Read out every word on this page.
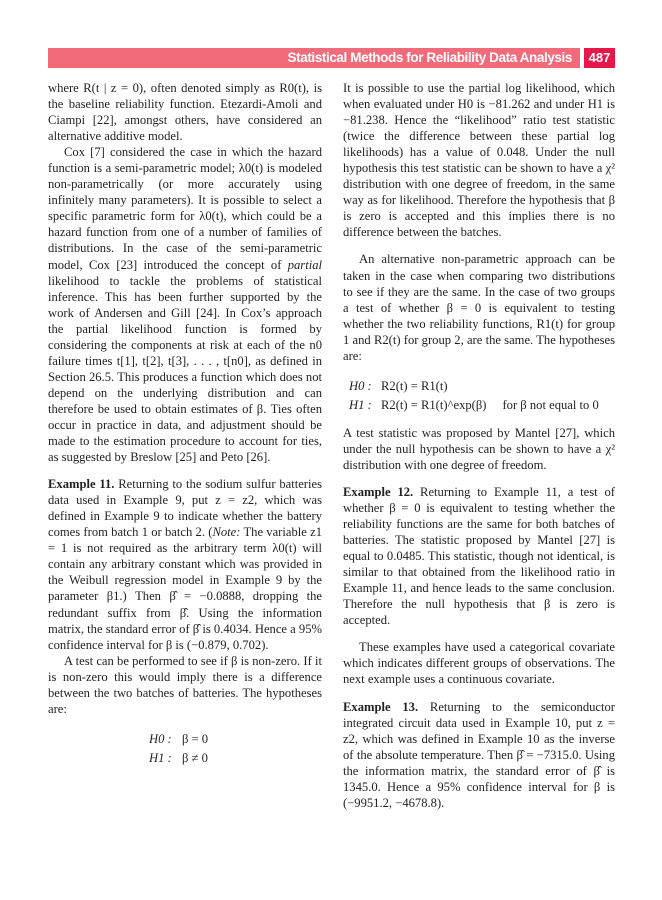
Statistical Methods for Reliability Data Analysis	487

where R(t | z = 0), often denoted simply as R0(t), is the baseline reliability function. Etezardi-Amoli and Ciampi [22], amongst others, have considered an alternative additive model.

Cox [7] considered the case in which the hazard function is a semi-parametric model; λ0(t) is modeled non-parametrically (or more accurately using infinitely many parameters). It is possible to select a specific parametric form for λ0(t), which could be a hazard function from one of a number of families of distributions. In the case of the semi-parametric model, Cox [23] introduced the concept of partial likelihood to tackle the problems of statistical inference. This has been further supported by the work of Andersen and Gill [24]. In Cox’s approach the partial likelihood function is formed by considering the components at risk at each of the n0 failure times t[1], t[2], t[3], . . . , t[n0], as defined in Section 26.5. This produces a function which does not depend on the underlying distribution and can therefore be used to obtain estimates of β. Ties often occur in practice in data, and adjustment should be made to the estimation procedure to account for ties, as suggested by Breslow [25] and Peto [26].

Example 11. Returning to the sodium sulfur batteries data used in Example 9, put z = z2, which was defined in Example 9 to indicate whether the battery comes from batch 1 or batch 2. (Note: The variable z1 = 1 is not required as the arbitrary term λ0(t) will contain any arbitrary constant which was provided in the Weibull regression model in Example 9 by the parameter β1.) Then β̂ = −0.0888, dropping the redundant suffix from β̂. Using the information matrix, the standard error of β̂ is 0.4034. Hence a 95% confidence interval for β is (−0.879, 0.702).

A test can be performed to see if β is non-zero. If it is non-zero this would imply there is a difference between the two batches of batteries. The hypotheses are:

H0 : β = 0
H1 : β ≠ 0

It is possible to use the partial log likelihood, which when evaluated under H0 is −81.262 and under H1 is −81.238. Hence the “likelihood” ratio test statistic (twice the difference between these partial log likelihoods) has a value of 0.048. Under the null hypothesis this test statistic can be shown to have a χ² distribution with one degree of freedom, in the same way as for likelihood. Therefore the hypothesis that β is zero is accepted and this implies there is no difference between the batches.

An alternative non-parametric approach can be taken in the case when comparing two distributions to see if they are the same. In the case of two groups a test of whether β = 0 is equivalent to testing whether the two reliability functions, R1(t) for group 1 and R2(t) for group 2, are the same. The hypotheses are:

H0 : R2(t) = R1(t)
H1 : R2(t) = R1(t)^exp(β) for β not equal to 0

A test statistic was proposed by Mantel [27], which under the null hypothesis can be shown to have a χ² distribution with one degree of freedom.

Example 12. Returning to Example 11, a test of whether β = 0 is equivalent to testing whether the reliability functions are the same for both batches of batteries. The statistic proposed by Mantel [27] is equal to 0.0485. This statistic, though not identical, is similar to that obtained from the likelihood ratio in Example 11, and hence leads to the same conclusion. Therefore the null hypothesis that β is zero is accepted.

These examples have used a categorical covariate which indicates different groups of observations. The next example uses a continuous covariate.

Example 13. Returning to the semiconductor integrated circuit data used in Example 10, put z = z2, which was defined in Example 10 as the inverse of the absolute temperature. Then β̂ = −7315.0. Using the information matrix, the standard error of β̂ is 1345.0. Hence a 95% confidence interval for β is (−9951.2, −4678.8).
